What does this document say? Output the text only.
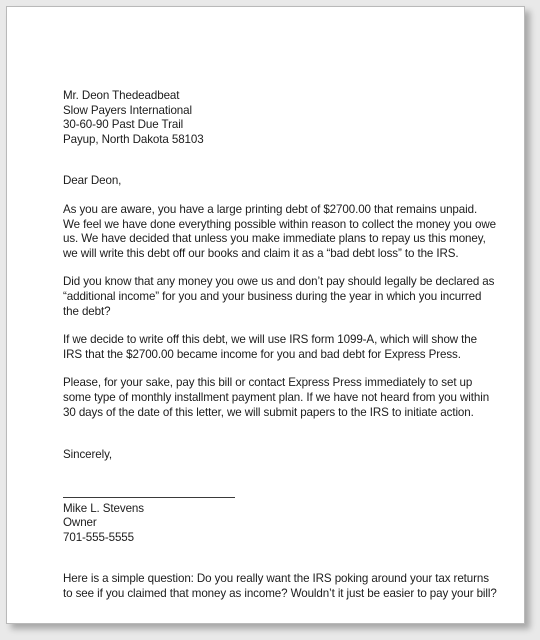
Mr. Deon Thedeadbeat
Slow Payers International
30-60-90 Past Due Trail
Payup, North Dakota 58103
Dear Deon,
As you are aware, you have a large printing debt of $2700.00 that remains unpaid.
We feel we have done everything possible within reason to collect the money you owe
us. We have decided that unless you make immediate plans to repay us this money,
we will write this debt off our books and claim it as a “bad debt loss” to the IRS.
Did you know that any money you owe us and don’t pay should legally be declared as
“additional income” for you and your business during the year in which you incurred
the debt?
If we decide to write off this debt, we will use IRS form 1099-A, which will show the
IRS that the $2700.00 became income for you and bad debt for Express Press.
Please, for your sake, pay this bill or contact Express Press immediately to set up
some type of monthly installment payment plan. If we have not heard from you within
30 days of the date of this letter, we will submit papers to the IRS to initiate action.
Sincerely,
Mike L. Stevens
Owner
701-555-5555
Here is a simple question: Do you really want the IRS poking around your tax returns
to see if you claimed that money as income? Wouldn’t it just be easier to pay your bill?
